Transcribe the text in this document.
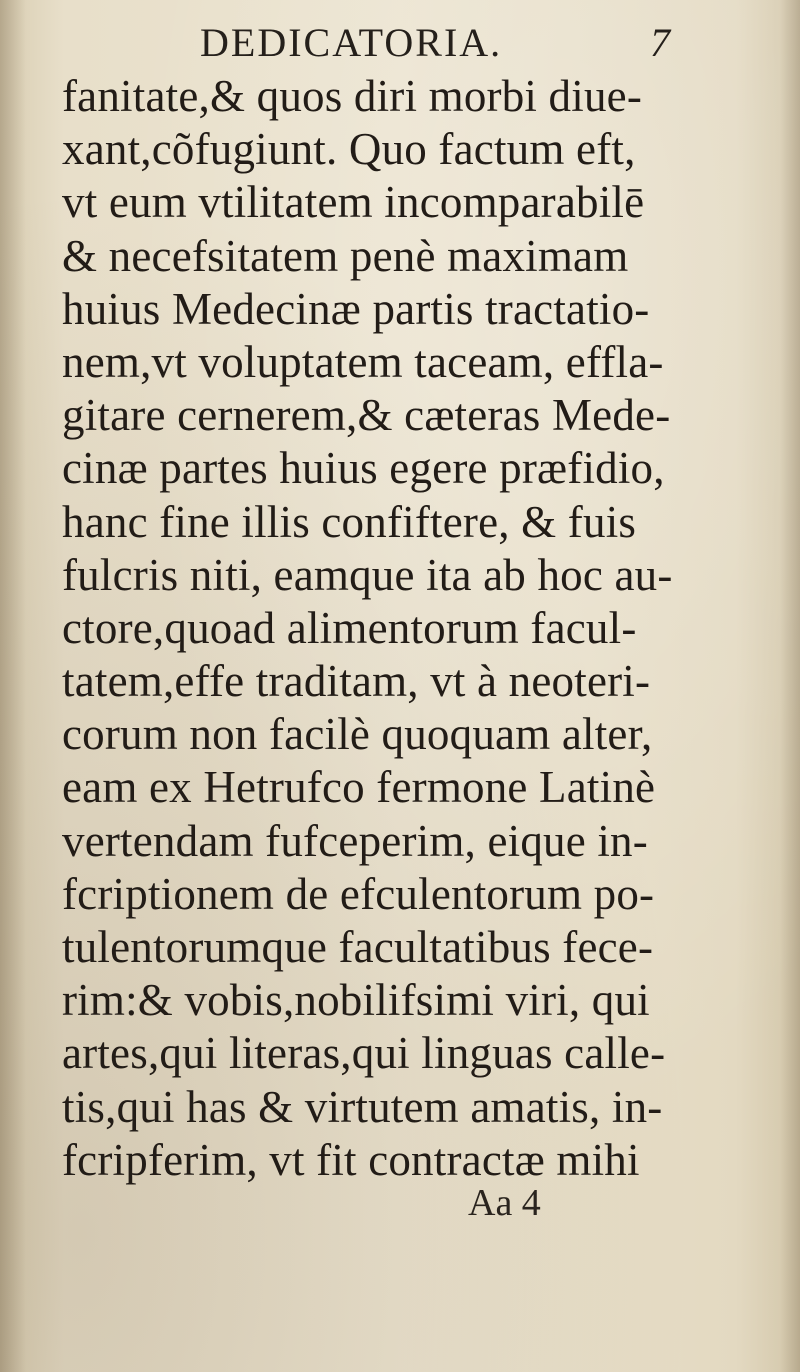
DEDICATORIA.	7
fanitate,& quos diri morbi diue-
xant,cõfugiunt. Quo factum eft,
vt eum vtilitatem incomparabilē
& necefsitatem penè maximam
huius Medecinæ partis tractatio-
nem,vt voluptatem taceam, effla-
gitare cernerem,& cæteras Mede-
cinæ partes huius egere præfidio,
hanc fine illis confiftere, & fuis
fulcris niti, eamque ita ab hoc au-
ctore,quoad alimentorum facul-
tatem,effe traditam, vt à neoteri-
corum non facilè quoquam alter,
eam ex Hetrufco fermone Latinè
vertendam fufceperim, eique in-
fcriptionem de efculentorum po-
tulentorumque facultatibus fece-
rim:& vobis,nobilifsimi viri, qui
artes,qui literas,qui linguas calle-
tis,qui has & virtutem amatis, in-
fcripferim, vt fit contractæ mihi
Aa 4
